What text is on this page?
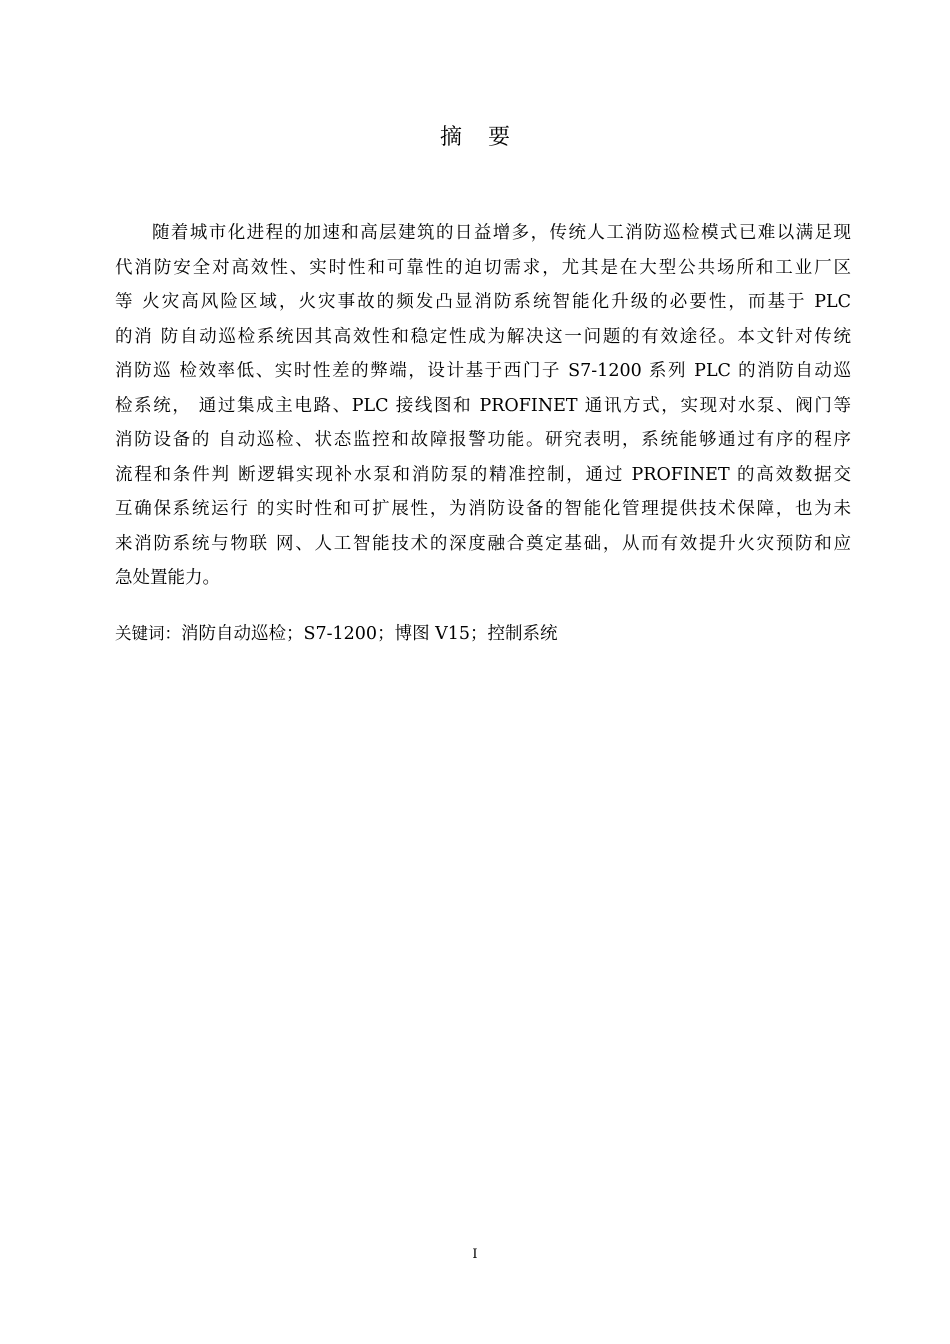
摘 要
随着城市化进程的加速和高层建筑的日益增多，传统人工消防巡检模式已难以满足现
代消防安全对高效性、实时性和可靠性的迫切需求，尤其是在大型公共场所和工业厂区
等 火灾高风险区域，火灾事故的频发凸显消防系统智能化升级的必要性，而基于 PLC
的消 防自动巡检系统因其高效性和稳定性成为解决这一问题的有效途径。本文针对传统
消防巡 检效率低、实时性差的弊端，设计基于西门子 S7-1200 系列 PLC 的消防自动巡
检系统， 通过集成主电路、PLC 接线图和 PROFINET 通讯方式，实现对水泵、阀门等
消防设备的 自动巡检、状态监控和故障报警功能。研究表明，系统能够通过有序的程序
流程和条件判 断逻辑实现补水泵和消防泵的精准控制，通过 PROFINET 的高效数据交
互确保系统运行 的实时性和可扩展性，为消防设备的智能化管理提供技术保障，也为未
来消防系统与物联 网、人工智能技术的深度融合奠定基础，从而有效提升火灾预防和应
急处置能力。
关键词：消防自动巡检；S7-1200；博图 V15；控制系统
I
